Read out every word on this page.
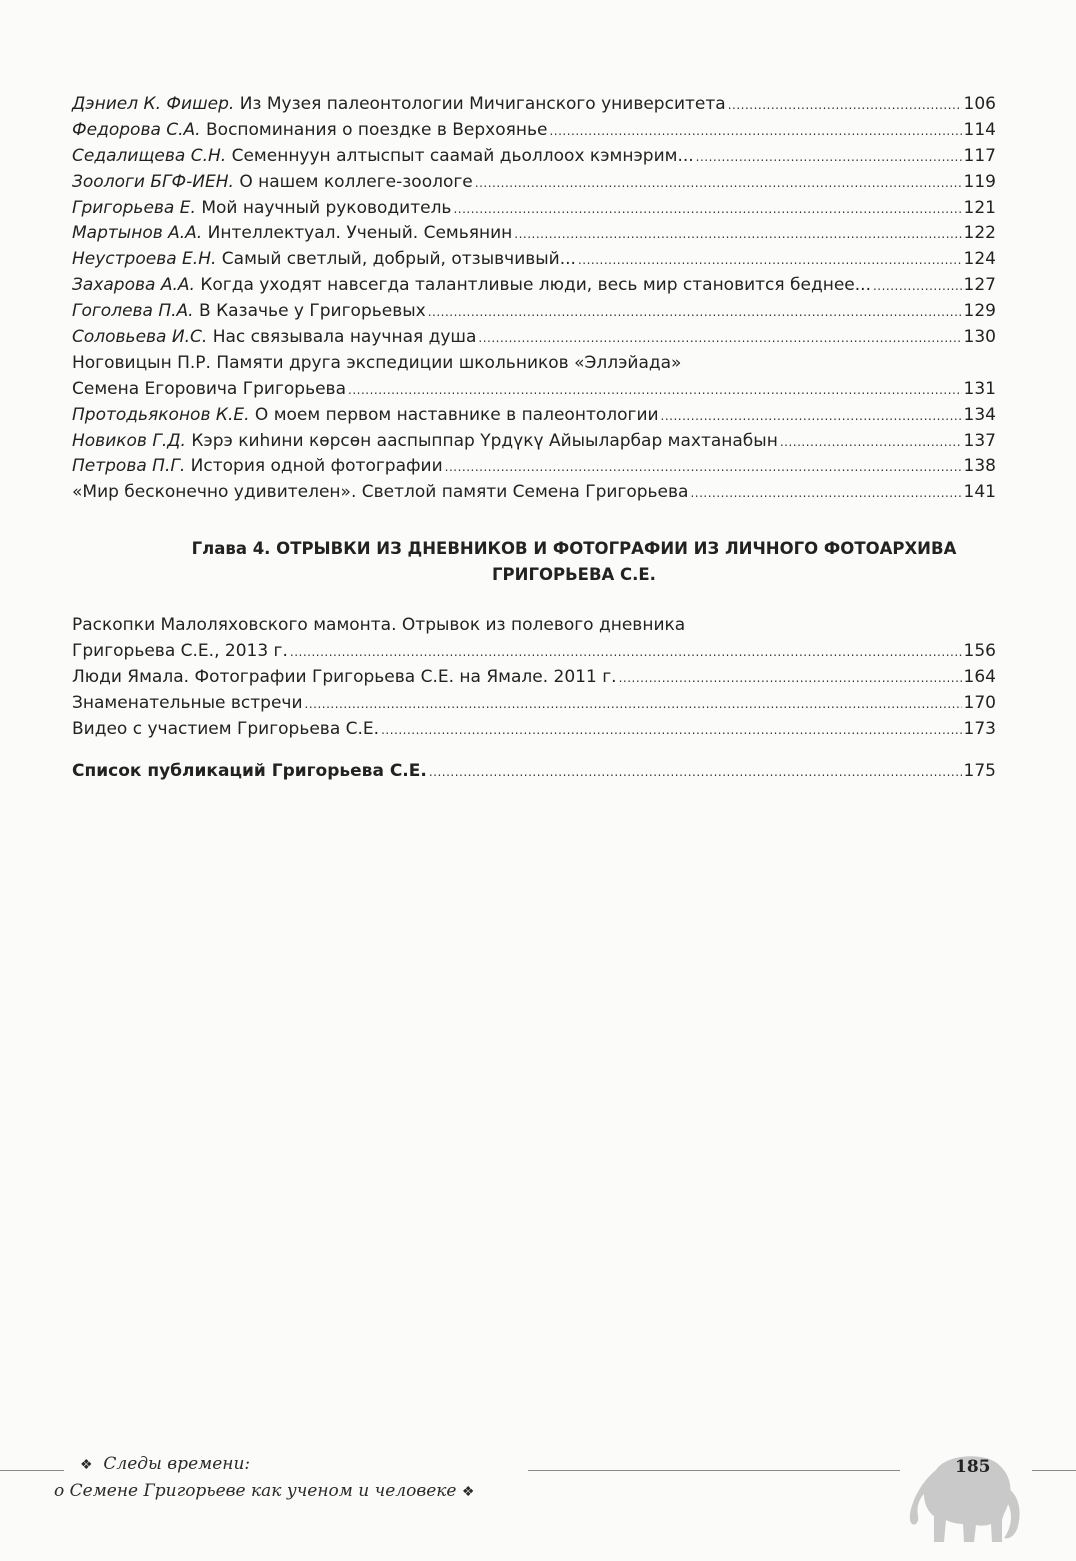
Дэниел К. Фишер. Из Музея палеонтологии Мичиганского университета .....	106
Федорова С.А. Воспоминания о поездке в Верхоянье .....	114
Седалищева С.Н. Семеннуун алтыспыт саамай дьоллоох кэмнэрим... .....	117
Зоологи БГФ-ИЕН. О нашем коллеге-зоологе .....	119
Григорьева Е. Мой научный руководитель .....	121
Мартынов А.А. Интеллектуал. Ученый. Семьянин .....	122
Неустроева Е.Н. Самый светлый, добрый, отзывчивый... .....	124
Захарова А.А. Когда уходят навсегда талантливые люди, весь мир становится беднее... .....	127
Гоголева П.А. В Казачье у Григорьевых .....	129
Соловьева И.С. Нас связывала научная душа .....	130
Ноговицын П.Р. Памяти друга экспедиции школьников «Эллэйада»
Семена Егоровича Григорьева .....	131
Протодьяконов К.Е. О моем первом наставнике в палеонтологии .....	134
Новиков Г.Д. Кэрэ киhини көрсөн ааспыппар Үрдүкү Айыыларбар махтанабын .....	137
Петрова П.Г. История одной фотографии .....	138
«Мир бесконечно удивителен». Светлой памяти Семена Григорьева .....	141
Глава 4. ОТРЫВКИ ИЗ ДНЕВНИКОВ И ФОТОГРАФИИ ИЗ ЛИЧНОГО ФОТОАРХИВА
ГРИГОРЬЕВА С.Е.
Раскопки Малоляховского мамонта. Отрывок из полевого дневника
Григорьева С.Е., 2013 г. .....	156
Люди Ямала. Фотографии Григорьева С.Е. на Ямале. 2011 г. .....	164
Знаменательные встречи .....	170
Видео с участием Григорьева С.Е. .....	173
Список публикаций Григорьева С.Е. .....	175
❖ Следы времени:
о Семене Григорьеве как ученом и человеке ❖
185
